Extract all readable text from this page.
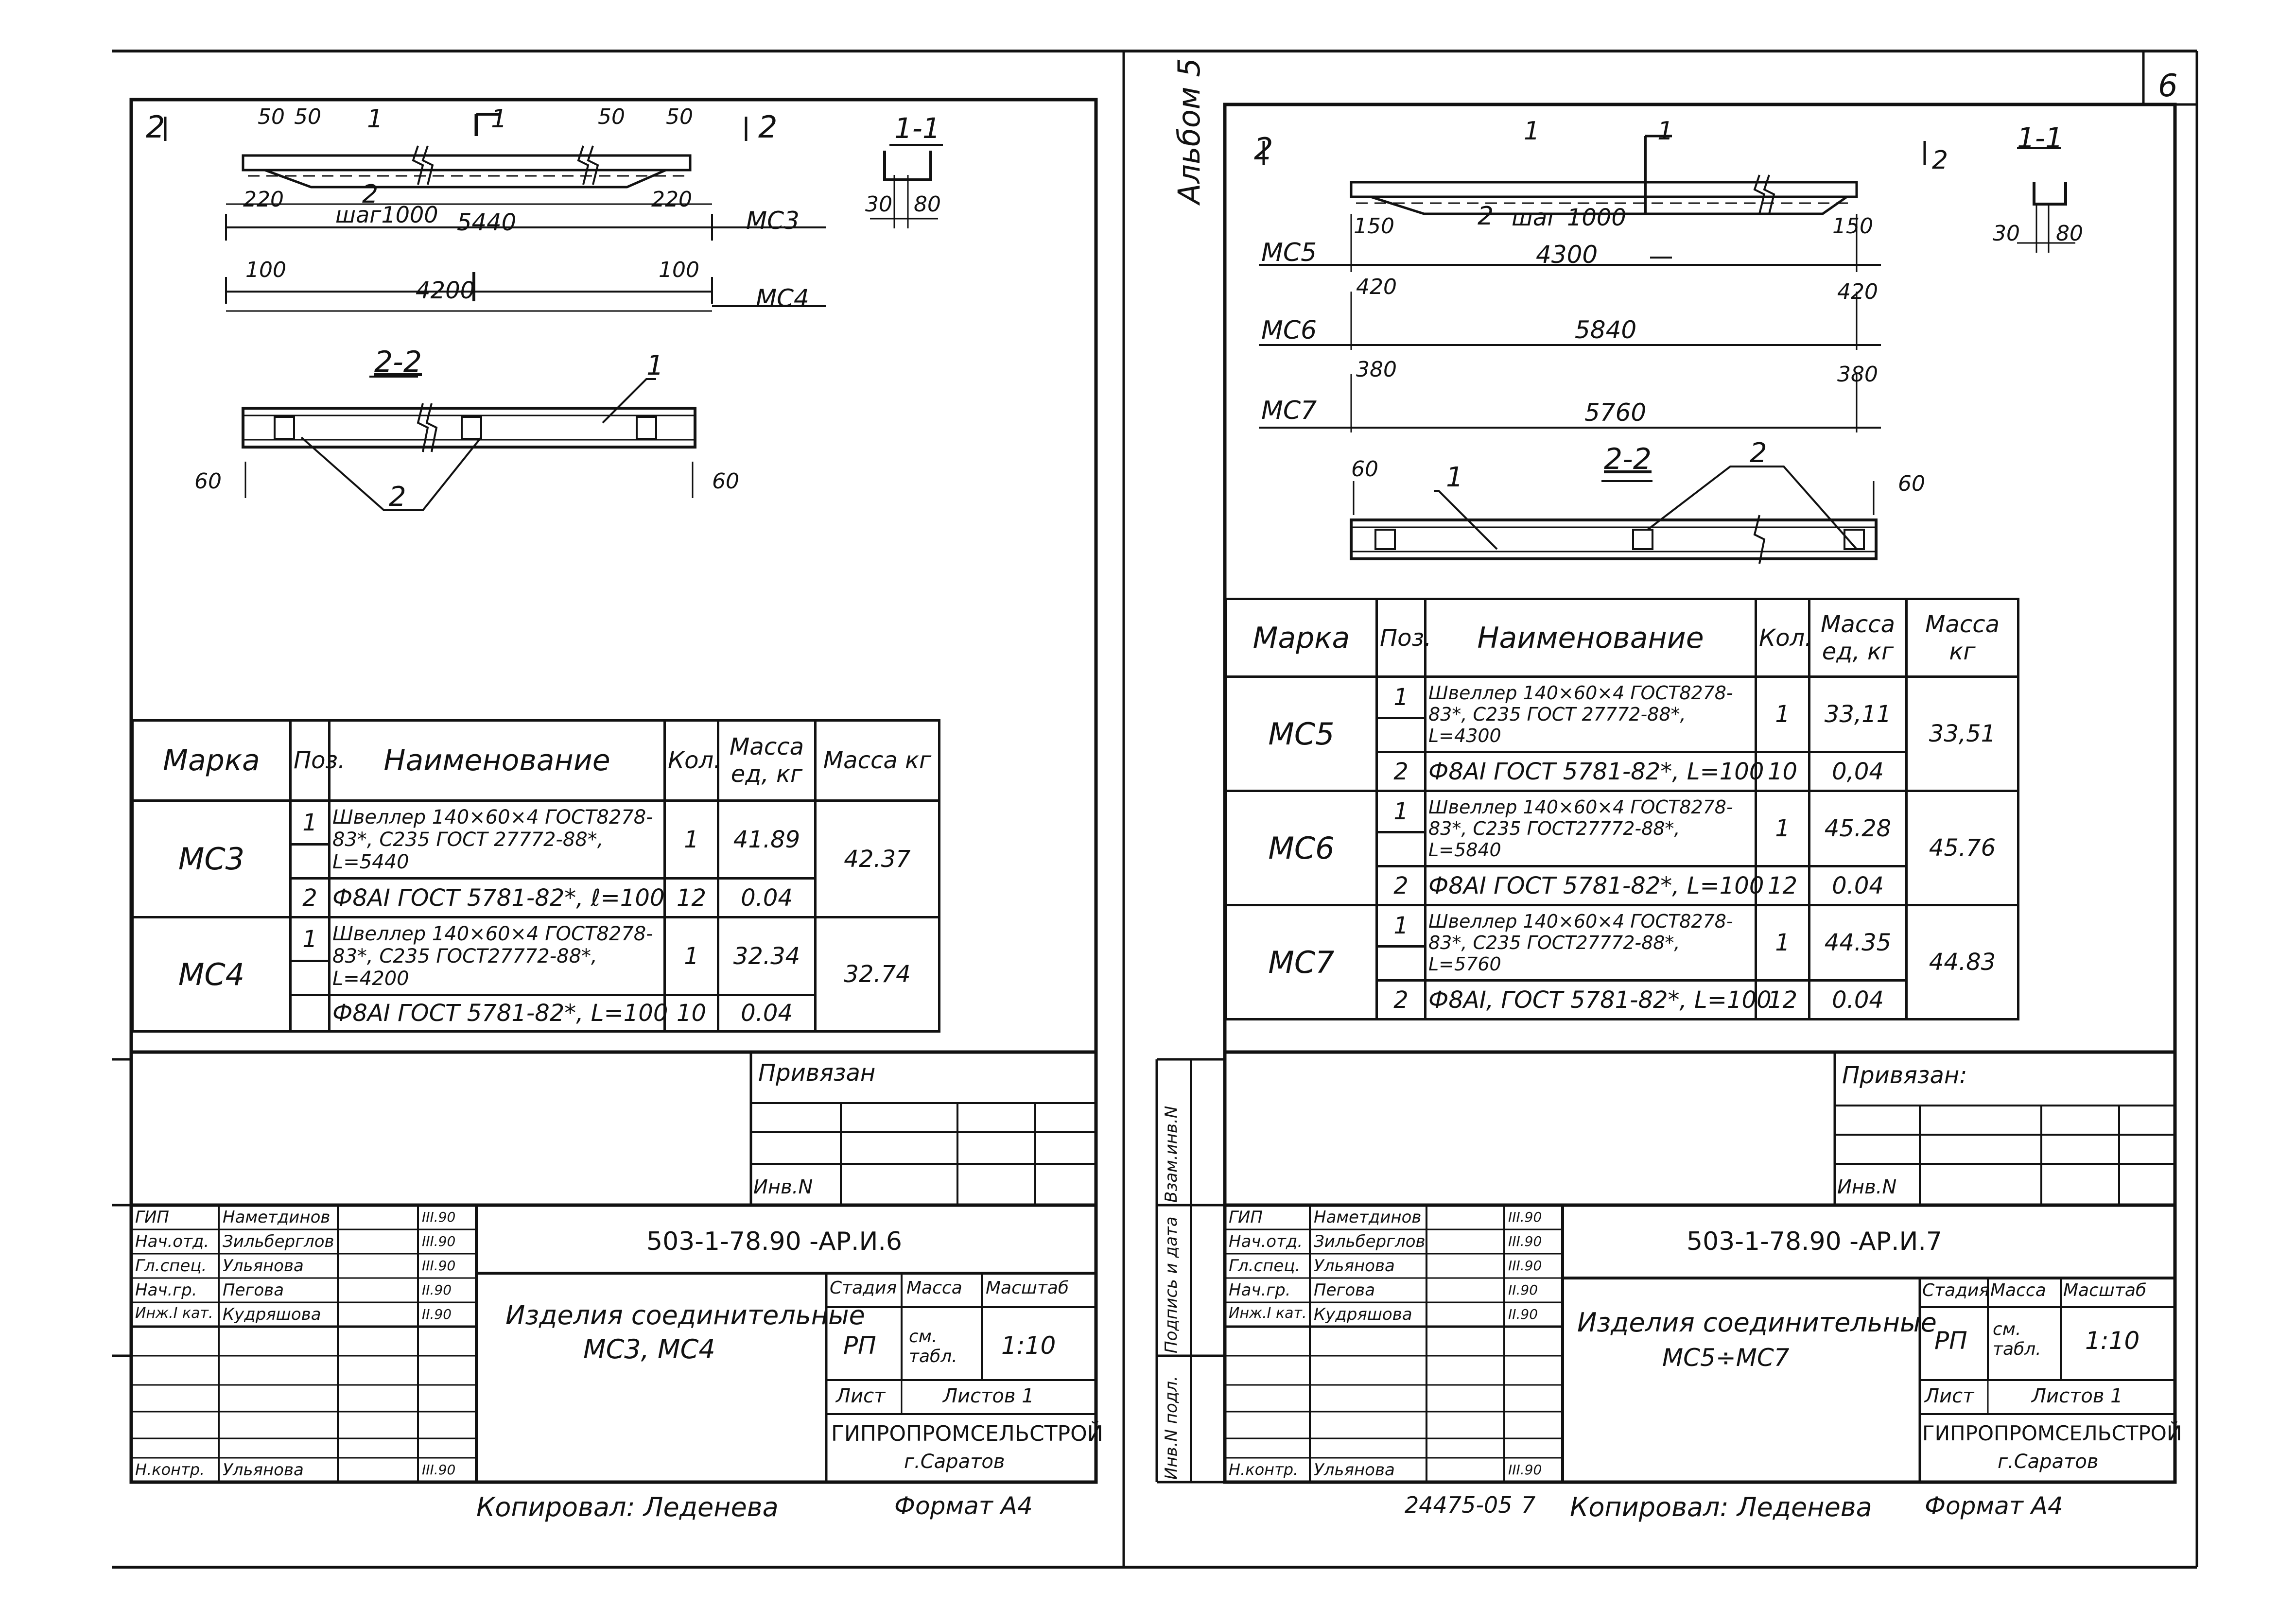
6
Альбом 5
2	2
1
1
2
50 50	50 50
220	220
шаг1000 5440	МС3
100	100
4200	МС4
1-1
30 80
2-2	1
2
60	60
Марка	Поз.	Наименование	Кол.	Масса ед, кг	Масса кг
МС3	1	Швеллер 140×60×4 ГОСТ8278-83*, С235 ГОСТ 27772-88*, L=5440	1	41.89	42.37

	2	Ф8АI ГОСТ 5781-82*, ℓ=100	12	0.04	
МС4	1	Швеллер 140×60×4 ГОСТ8278-83*, С235 ГОСТ27772-88*, L=4200	1	32.34	32.74

		Ф8АI ГОСТ 5781-82*, L=100	10	0.04	
Привязан
Инв.N
503-1-78.90 -АР.И.6
Изделия соединительные
МС3, МС4
Стадия Масса Масштаб
РП см. табл.	1:10
Лист	Листов 1
ГИПРОПРОМСЕЛЬСТРОЙ
г.Саратов
ГИП	Наметдинов	III.90
Нач.отд. Зильберглов	III.90
Гл.спец. Ульянова	III.90
Нач.гр. Пегова	II.90
Инж.I кат. Кудряшова	II.90
Н.контр. Ульянова	III.90
Копировал: Леденева	Формат А4
2	2
1
1
2 шаг 1000
150	150
МС5	4300
420	420
МС6	5840
380	380
МС7	5760
1-1
30 80
2-2
1
2
60
60
Марка	Поз.	Наименование	Кол.	Масса ед, кг	Масса кг
МС5	1	Швеллер 140×60×4 ГОСТ8278-83*, С235 ГОСТ 27772-88*, L=4300	1	33,11	33,51

	2	Ф8АI ГОСТ 5781-82*, L=100	10	0,04	
МС6	1	Швеллер 140×60×4 ГОСТ8278-83*, С235 ГОСТ27772-88*, L=5840	1	45.28	45.76

	2	Ф8АI ГОСТ 5781-82*, L=100	12	0.04	
МС7	1	Швеллер 140×60×4 ГОСТ8278-83*, С235 ГОСТ27772-88*, L=5760	1	44.35	44.83

	2	Ф8АI, ГОСТ 5781-82*, L=100	12	0.04	
Взам.инв.N
Подпись и дата
Инв.N подл.
Привязан:
Инв.N
503-1-78.90 -АР.И.7
Изделия соединительные
МС5÷МС7
Стадия Масса Масштаб
РП см. табл.	1:10
Лист	Листов 1
ГИПРОПРОМСЕЛЬСТРОЙ
г.Саратов
ГИП	Наметдинов	III.90
Нач.отд. Зильберглов	III.90
Гл.спец. Ульянова	III.90
Нач.гр. Пегова	II.90
Инж.I кат. Кудряшова	II.90
Н.контр. Ульянова	III.90
24475-05 7 Копировал: Леденева Формат А4
